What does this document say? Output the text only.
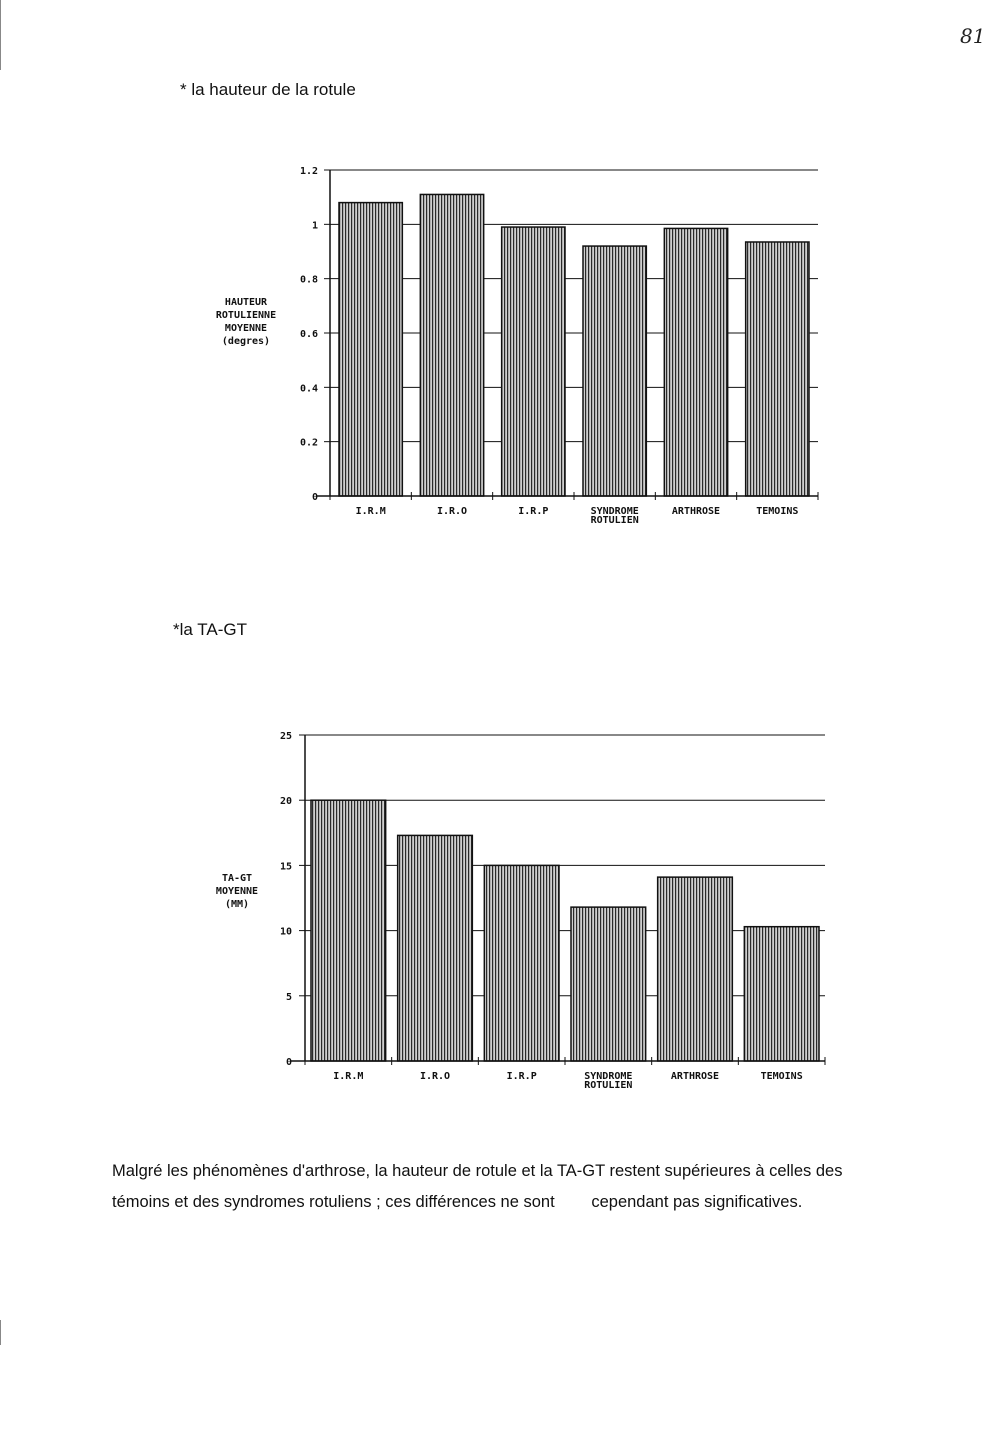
81
* la hauteur de la rotule
0
0.2
0.4
0.6
0.8
1
1.2
I.R.M	I.R.O	I.R.P	SYNDROME
ROTULIEN
ARTHROSE	TEMOINS
HAUTEUR
ROTULIENNE
MOYENNE
(degres)
*la TA-GT
0
5
10
15
20
25
I.R.M	I.R.O	I.R.P	SYNDROME
ROTULIEN
ARTHROSE	TEMOINS
TA-GT
MOYENNE
(MM)
Malgré les phénomènes d'arthrose, la hauteur de rotule et la TA-GT restent supérieures à celles des
témoins et des syndromes rotuliens ; ces différences ne sont        cependant pas significatives.
